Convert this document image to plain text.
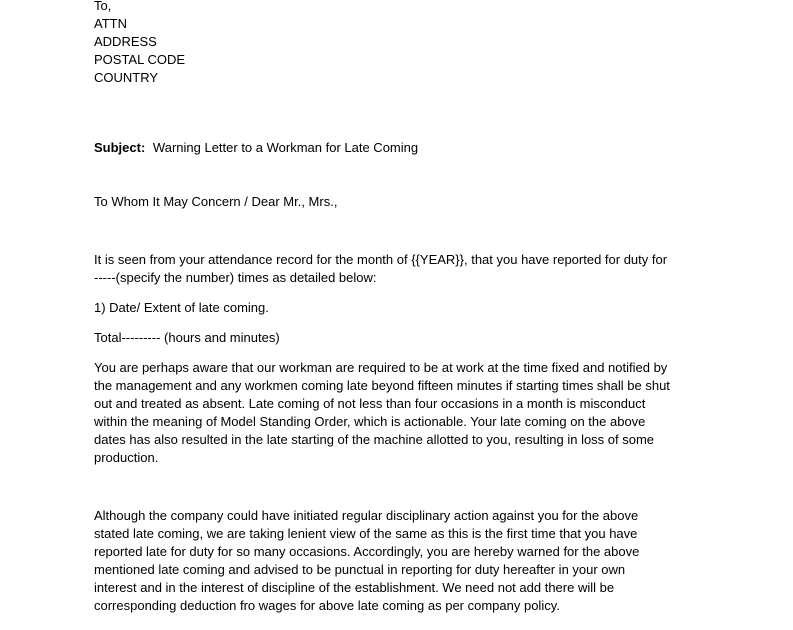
To,
ATTN
ADDRESS
POSTAL CODE
COUNTRY
Subject: Warning Letter to a Workman for Late Coming
To Whom It May Concern / Dear Mr., Mrs.,
It is seen from your attendance record for the month of {{YEAR}}, that you have reported for duty for
-----(specify the number) times as detailed below:
1) Date/ Extent of late coming.
Total--------- (hours and minutes)
You are perhaps aware that our workman are required to be at work at the time fixed and notified by
the management and any workmen coming late beyond fifteen minutes if starting times shall be shut
out and treated as absent. Late coming of not less than four occasions in a month is misconduct
within the meaning of Model Standing Order, which is actionable. Your late coming on the above
dates has also resulted in the late starting of the machine allotted to you, resulting in loss of some
production.
Although the company could have initiated regular disciplinary action against you for the above
stated late coming, we are taking lenient view of the same as this is the first time that you have
reported late for duty for so many occasions. Accordingly, you are hereby warned for the above
mentioned late coming and advised to be punctual in reporting for duty hereafter in your own
interest and in the interest of discipline of the establishment. We need not add there will be
corresponding deduction fro wages for above late coming as per company policy.
